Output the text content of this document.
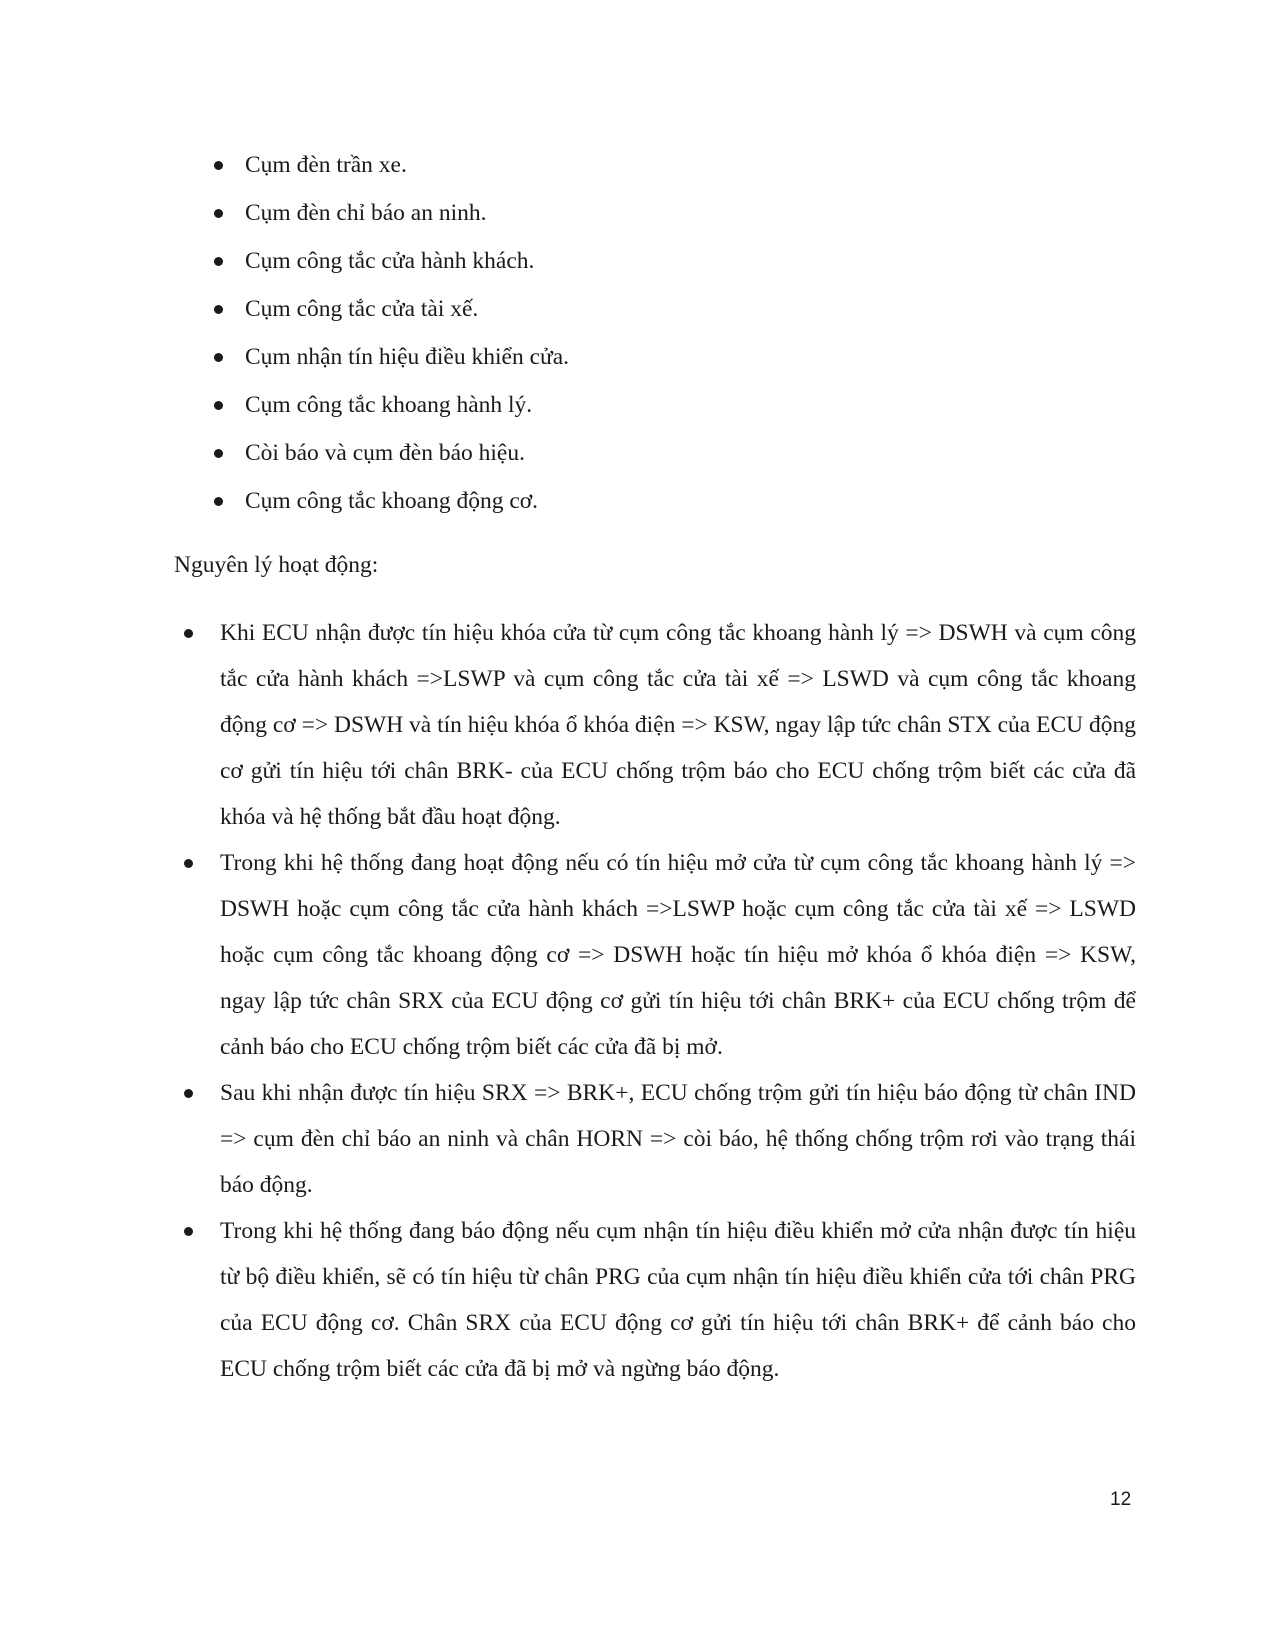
Cụm đèn trần xe.
Cụm đèn chỉ báo an ninh.
Cụm công tắc cửa hành khách.
Cụm công tắc cửa tài xế.
Cụm nhận tín hiệu điều khiển cửa.
Cụm công tắc khoang hành lý.
Còi báo và cụm đèn báo hiệu.
Cụm công tắc khoang động cơ.
Nguyên lý hoạt động:
Khi ECU nhận được tín hiệu khóa cửa từ cụm công tắc khoang hành lý => DSWH và cụm công tắc cửa hành khách =>LSWP và cụm công tắc cửa tài xế => LSWD và cụm công tắc khoang động cơ => DSWH và tín hiệu khóa ổ khóa điện => KSW, ngay lập tức chân STX của ECU động cơ gửi tín hiệu tới chân BRK- của ECU chống trộm báo cho ECU chống trộm biết các cửa đã khóa và hệ thống bắt đầu hoạt động.
Trong khi hệ thống đang hoạt động nếu có tín hiệu mở cửa từ cụm công tắc khoang hành lý => DSWH hoặc cụm công tắc cửa hành khách =>LSWP hoặc cụm công tắc cửa tài xế => LSWD hoặc cụm công tắc khoang động cơ => DSWH hoặc tín hiệu mở khóa ổ khóa điện => KSW, ngay lập tức chân SRX của ECU động cơ gửi tín hiệu tới chân BRK+ của ECU chống trộm để cảnh báo cho ECU chống trộm biết các cửa đã bị mở.
Sau khi nhận được tín hiệu SRX => BRK+, ECU chống trộm gửi tín hiệu báo động từ chân IND => cụm đèn chỉ báo an ninh và chân HORN => còi báo, hệ thống chống trộm rơi vào trạng thái báo động.
Trong khi hệ thống đang báo động nếu cụm nhận tín hiệu điều khiển mở cửa nhận được tín hiệu từ bộ điều khiển, sẽ có tín hiệu từ chân PRG của cụm nhận tín hiệu điều khiển cửa tới chân PRG của ECU động cơ. Chân SRX của ECU động cơ gửi tín hiệu tới chân BRK+ để cảnh báo cho ECU chống trộm biết các cửa đã bị mở và ngừng báo động.
12
